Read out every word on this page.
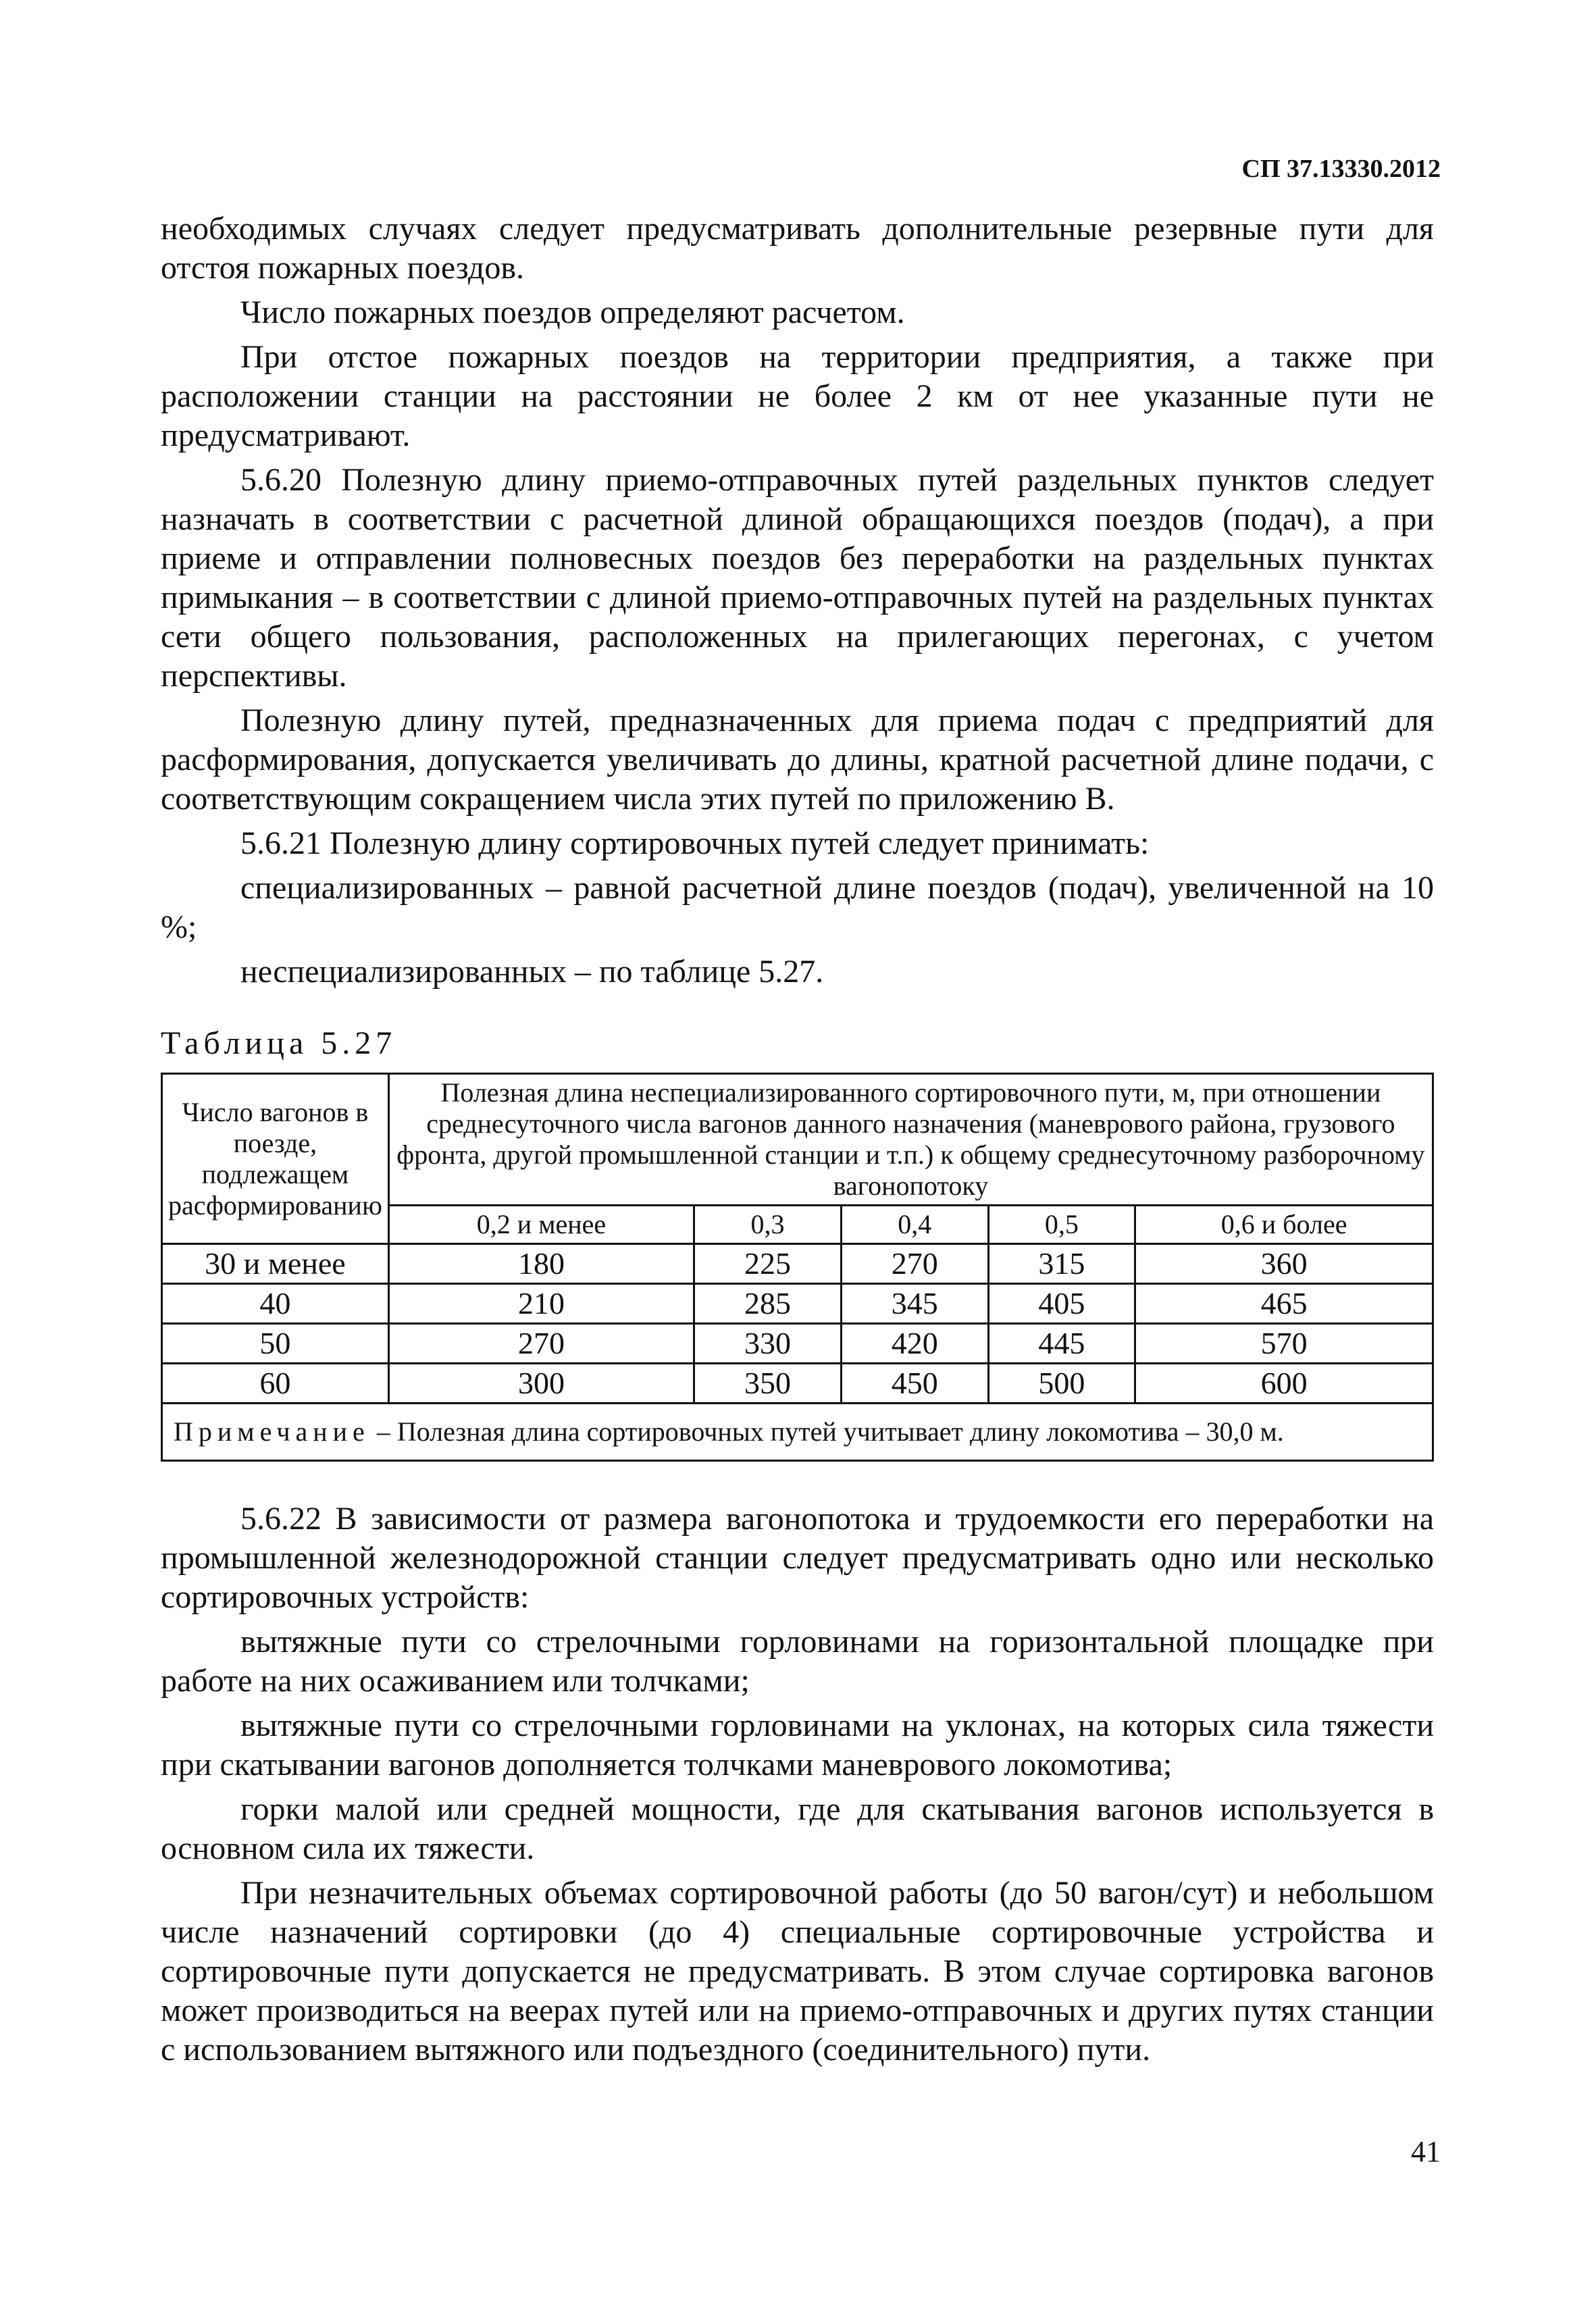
СП 37.13330.2012

необходимых случаях следует предусматривать дополнительные резервные пути для отстоя пожарных поездов.

Число пожарных поездов определяют расчетом.

При отстое пожарных поездов на территории предприятия, а также при расположении станции на расстоянии не более 2 км от нее указанные пути не предусматривают.

5.6.20 Полезную длину приемо-отправочных путей раздельных пунктов следует назначать в соответствии с расчетной длиной обращающихся поездов (подач), а при приеме и отправлении полновесных поездов без переработки на раздельных пунктах примыкания – в соответствии с длиной приемо-отправочных путей на раздельных пунктах сети общего пользования, расположенных на прилегающих перегонах, с учетом перспективы.

Полезную длину путей, предназначенных для приема подач с предприятий для расформирования, допускается увеличивать до длины, кратной расчетной длине подачи, с соответствующим сокращением числа этих путей по приложению В.

5.6.21 Полезную длину сортировочных путей следует принимать:

специализированных – равной расчетной длине поездов (подач), увеличенной на 10 %;

неспециализированных – по таблице 5.27.

Таблица 5.27
Число вагонов в поезде, подлежащем расформированию	Полезная длина неспециализированного сортировочного пути, м, при отношении среднесуточного числа вагонов данного назначения (маневрового района, грузового фронта, другой промышленной станции и т.п.) к общему среднесуточному разборочному вагонопотоку				
	0,2 и менее	0,3	0,4	0,5	0,6 и более
30 и менее	180	225	270	315	360
40	210	285	345	405	465
50	270	330	420	445	570
60	300	350	450	500	600
Примечание – Полезная длина сортировочных путей учитывает длину локомотива – 30,0 м.					

5.6.22 В зависимости от размера вагонопотока и трудоемкости его переработки на промышленной железнодорожной станции следует предусматривать одно или несколько сортировочных устройств:

вытяжные пути со стрелочными горловинами на горизонтальной площадке при работе на них осаживанием или толчками;

вытяжные пути со стрелочными горловинами на уклонах, на которых сила тяжести при скатывании вагонов дополняется толчками маневрового локомотива;

горки малой или средней мощности, где для скатывания вагонов используется в основном сила их тяжести.

При незначительных объемах сортировочной работы (до 50 вагон/сут) и небольшом числе назначений сортировки (до 4) специальные сортировочные устройства и сортировочные пути допускается не предусматривать. В этом случае сортировка вагонов может производиться на веерах путей или на приемо-отправочных и других путях станции с использованием вытяжного или подъездного (соединительного) пути.

41
